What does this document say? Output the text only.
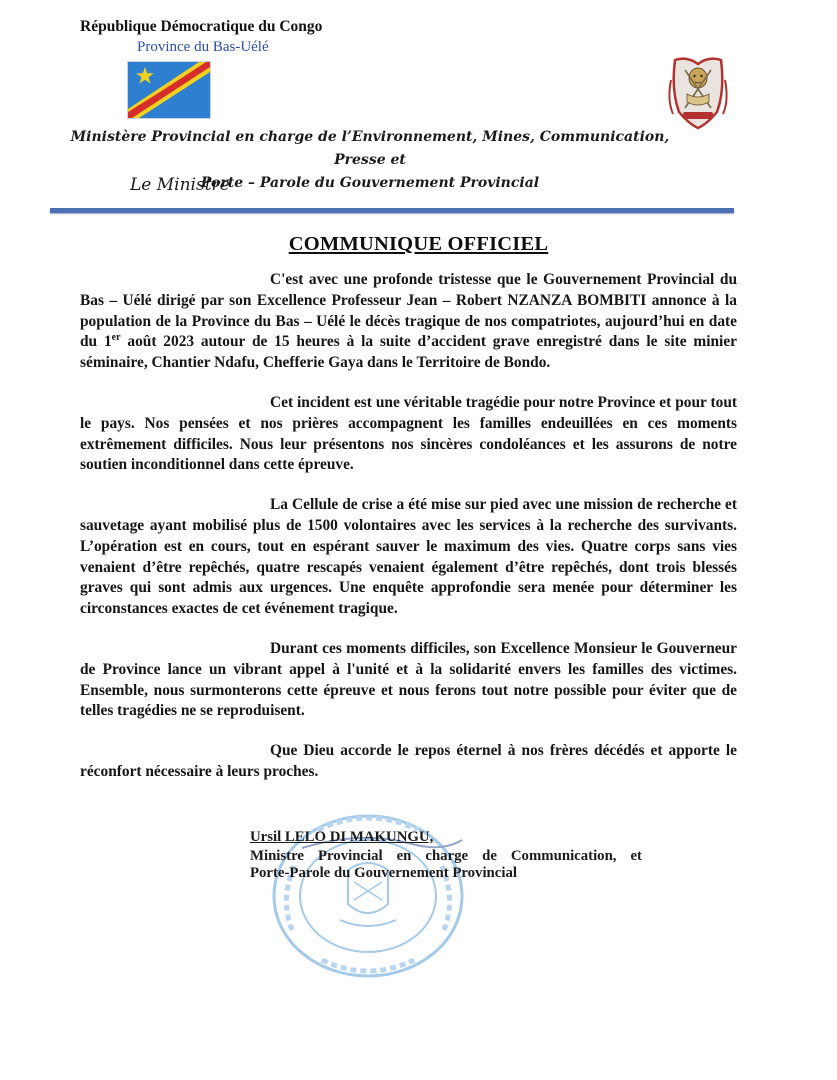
République Démocratique du Congo
Province du Bas-Uélé
Ministère Provincial en charge de l’Environnement, Mines, Communication, Presse et
Porte – Parole du Gouvernement Provincial
Le Ministre
COMMUNIQUE OFFICIEL

C'est avec une profonde tristesse que le Gouvernement Provincial du Bas – Uélé dirigé par son Excellence Professeur Jean – Robert NZANZA BOMBITI annonce à la population de la Province du Bas – Uélé le décès tragique de nos compatriotes, aujourd’hui en date du 1er août 2023 autour de 15 heures à la suite d’accident grave enregistré dans le site minier séminaire, Chantier Ndafu, Chefferie Gaya dans le Territoire de Bondo.

Cet incident est une véritable tragédie pour notre Province et pour tout le pays. Nos pensées et nos prières accompagnent les familles endeuillées en ces moments extrêmement difficiles. Nous leur présentons nos sincères condoléances et les assurons de notre soutien inconditionnel dans cette épreuve.

La Cellule de crise a été mise sur pied avec une mission de recherche et sauvetage ayant mobilisé plus de 1500 volontaires avec les services à la recherche des survivants. L’opération est en cours, tout en espérant sauver le maximum des vies. Quatre corps sans vies venaient d’être repêchés, quatre rescapés venaient également d’être repêchés, dont trois blessés graves qui sont admis aux urgences. Une enquête approfondie sera menée pour déterminer les circonstances exactes de cet événement tragique.

Durant ces moments difficiles, son Excellence Monsieur le Gouverneur de Province lance un vibrant appel à l'unité et à la solidarité envers les familles des victimes. Ensemble, nous surmonterons cette épreuve et nous ferons tout notre possible pour éviter que de telles tragédies ne se reproduisent.

Que Dieu accorde le repos éternel à nos frères décédés et apporte le réconfort nécessaire à leurs proches.

Ursil LELO DI MAKUNGU,
Ministre Provincial en charge de Communication, et
Porte-Parole du Gouvernement Provincial
